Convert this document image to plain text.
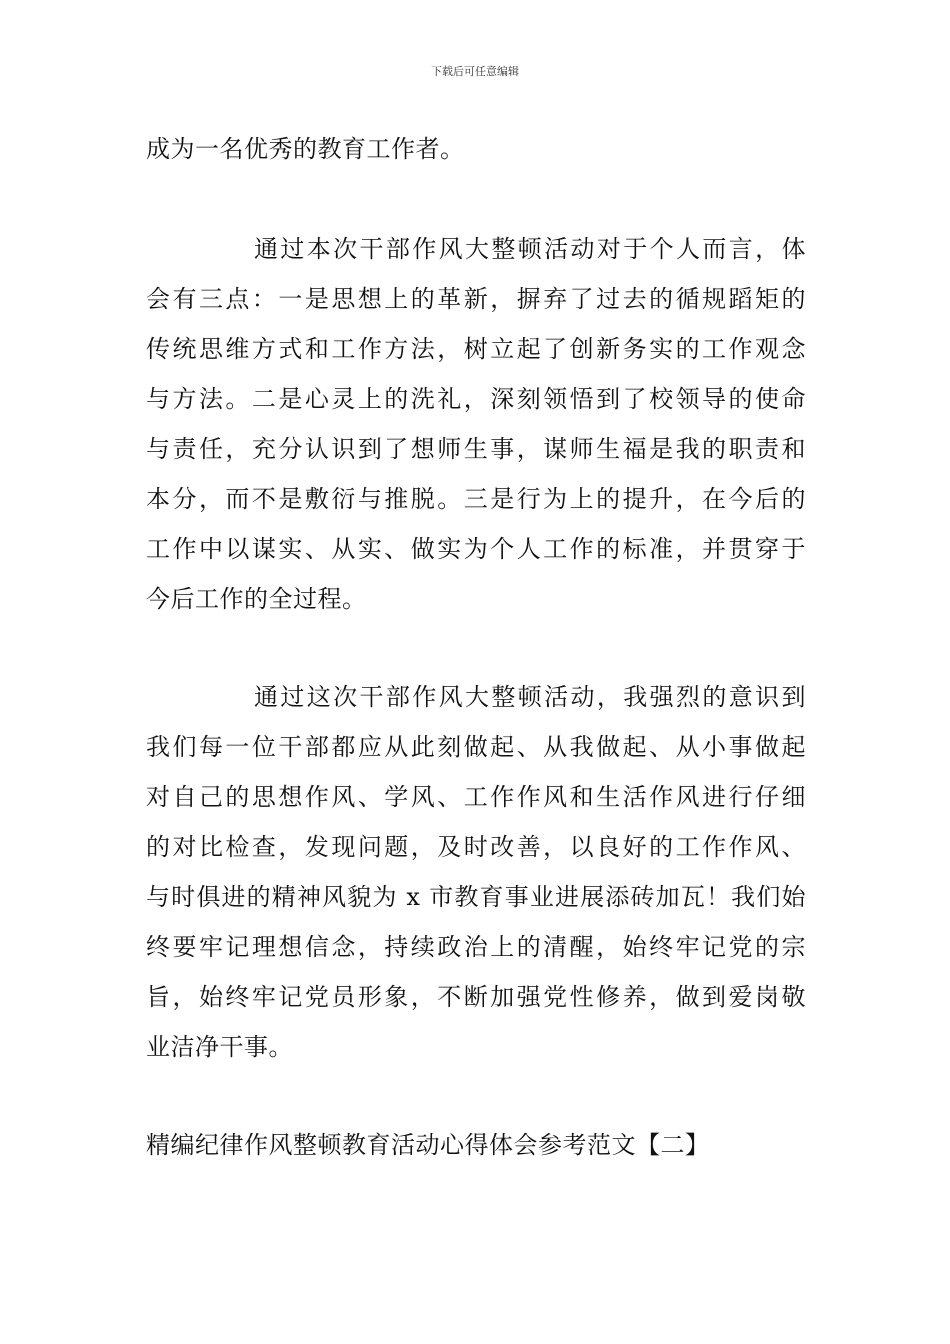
下载后可任意编辑
成为一名优秀的教育工作者。
通过本次干部作风大整顿活动对于个人而言，体
会有三点：一是思想上的革新，摒弃了过去的循规蹈矩的
传统思维方式和工作方法，树立起了创新务实的工作观念
与方法。二是心灵上的洗礼，深刻领悟到了校领导的使命
与责任，充分认识到了想师生事，谋师生福是我的职责和
本分，而不是敷衍与推脱。三是行为上的提升，在今后的
工作中以谋实、从实、做实为个人工作的标准，并贯穿于
今后工作的全过程。
通过这次干部作风大整顿活动，我强烈的意识到
我们每一位干部都应从此刻做起、从我做起、从小事做起
对自己的思想作风、学风、工作作风和生活作风进行仔细
的对比检查，发现问题，及时改善，以良好的工作作风、
与时俱进的精神风貌为 x 市教育事业进展添砖加瓦！我们始
终要牢记理想信念，持续政治上的清醒，始终牢记党的宗
旨，始终牢记党员形象，不断加强党性修养，做到爱岗敬
业洁净干事。
精编纪律作风整顿教育活动心得体会参考范文【二】
